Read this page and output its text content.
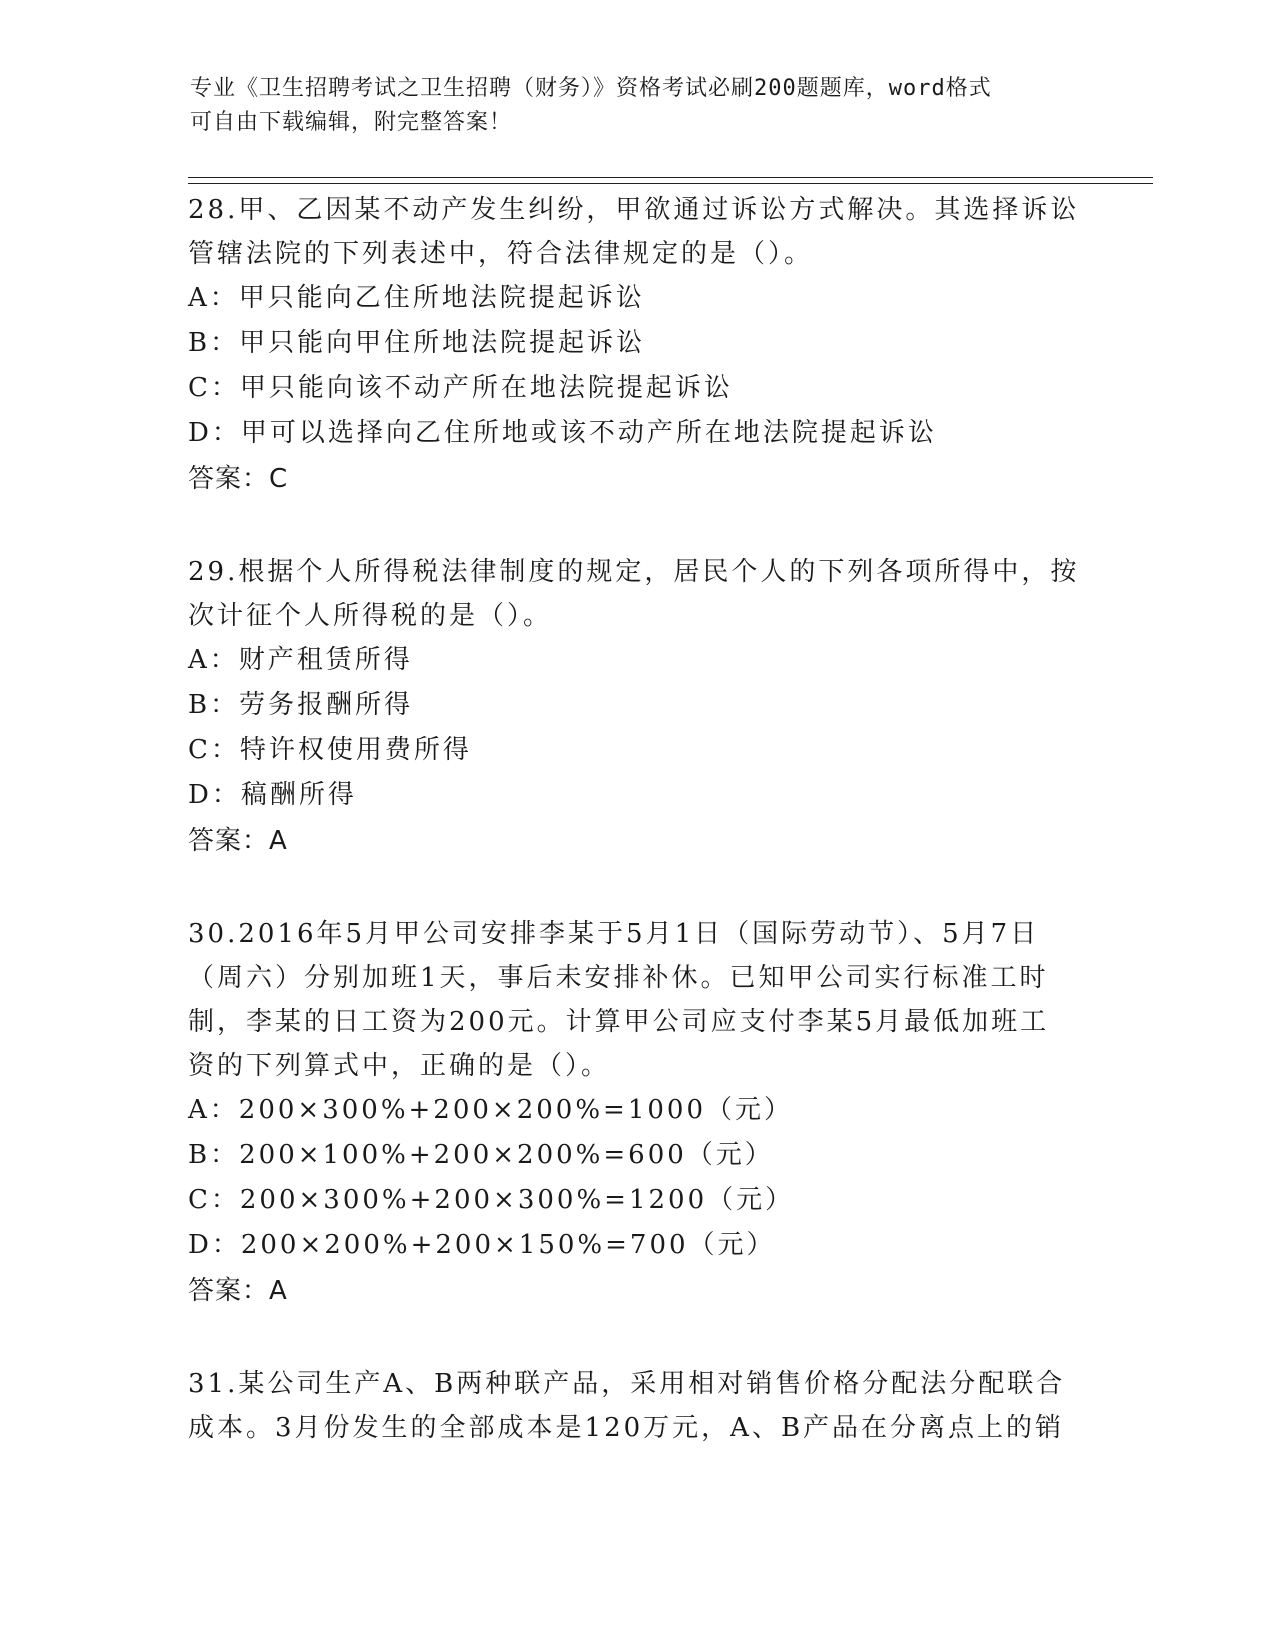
专业《卫生招聘考试之卫生招聘（财务）》资格考试必刷200题题库，word格式
可自由下载编辑，附完整答案！
28.甲、乙因某不动产发生纠纷，甲欲通过诉讼方式解决。其选择诉讼
管辖法院的下列表述中，符合法律规定的是（）。
A：甲只能向乙住所地法院提起诉讼
B：甲只能向甲住所地法院提起诉讼
C：甲只能向该不动产所在地法院提起诉讼
D：甲可以选择向乙住所地或该不动产所在地法院提起诉讼
答案：C
29.根据个人所得税法律制度的规定，居民个人的下列各项所得中，按
次计征个人所得税的是（）。
A：财产租赁所得
B：劳务报酬所得
C：特许权使用费所得
D：稿酬所得
答案：A
30.2016年5月甲公司安排李某于5月1日（国际劳动节）、5月7日
（周六）分别加班1天，事后未安排补休。已知甲公司实行标准工时
制，李某的日工资为200元。计算甲公司应支付李某5月最低加班工
资的下列算式中，正确的是（）。
A：200×300%+200×200%=1000（元）
B：200×100%+200×200%=600（元）
C：200×300%+200×300%=1200（元）
D：200×200%+200×150%=700（元）
答案：A
31.某公司生产A、B两种联产品，采用相对销售价格分配法分配联合
成本。3月份发生的全部成本是120万元，A、B产品在分离点上的销
